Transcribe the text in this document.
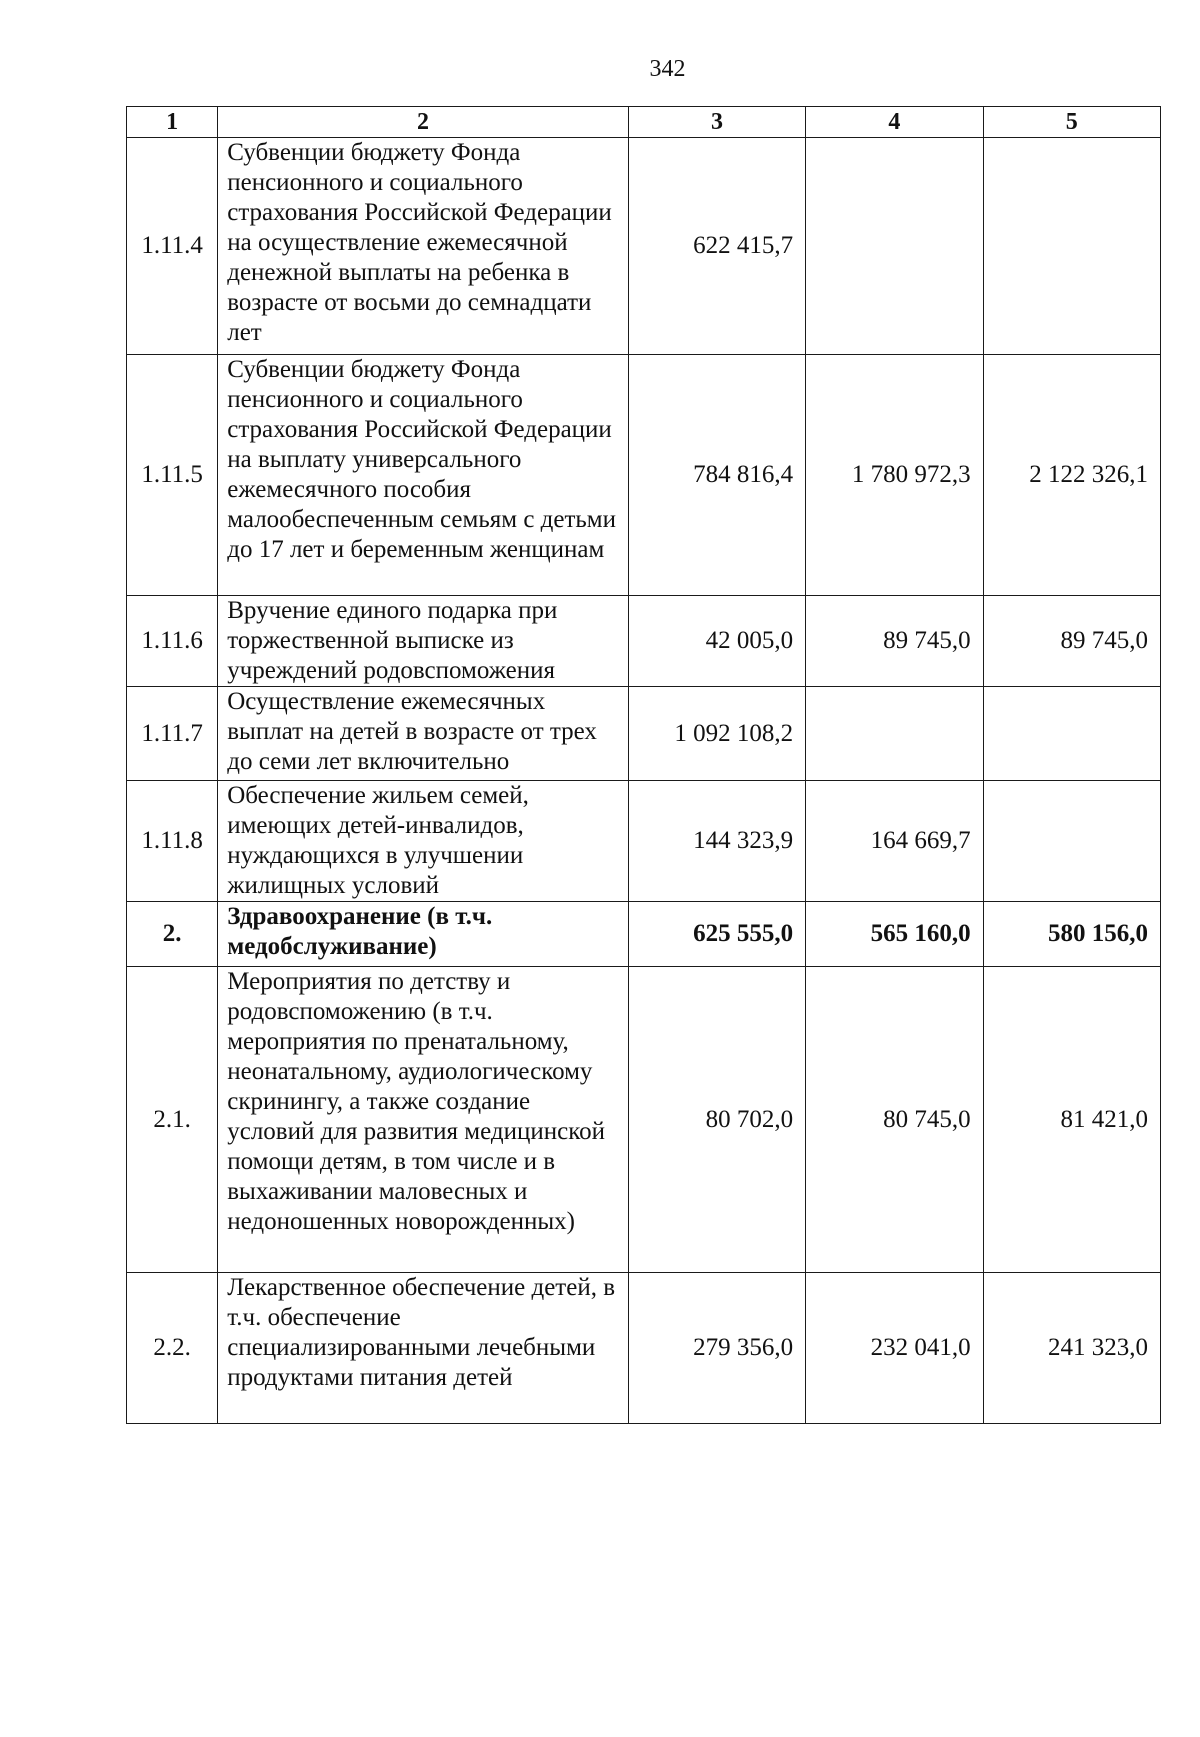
342
1	2	3	4	5
1.11.4	Субвенции бюджету Фонда пенсионного и социального страхования Российской Федерации на осуществление ежемесячной денежной выплаты на ребенка в возрасте от восьми до семнадцати лет	622 415,7		
1.11.5	Субвенции бюджету Фонда пенсионного и социального страхования Российской Федерации на выплату универсального ежемесячного пособия малообеспеченным семьям с детьми до 17 лет и беременным женщинам	784 816,4	1 780 972,3	2 122 326,1
1.11.6	Вручение единого подарка при торжественной выписке из учреждений родовспоможения	42 005,0	89 745,0	89 745,0
1.11.7	Осуществление ежемесячных выплат на детей в возрасте от трех до семи лет включительно	1 092 108,2		
1.11.8	Обеспечение жильем семей, имеющих детей-инвалидов, нуждающихся в улучшении жилищных условий	144 323,9	164 669,7	
2.	Здравоохранение (в т.ч. медобслуживание)	625 555,0	565 160,0	580 156,0
2.1.	Мероприятия по детству и родовспоможению (в т.ч. мероприятия по пренатальному, неонатальному, аудиологическому скринингу, а также создание условий для развития медицинской помощи детям, в том числе и в выхаживании маловесных и недоношенных новорожденных)	80 702,0	80 745,0	81 421,0
2.2.	Лекарственное обеспечение детей, в т.ч. обеспечение специализированными лечебными продуктами питания детей	279 356,0	232 041,0	241 323,0
